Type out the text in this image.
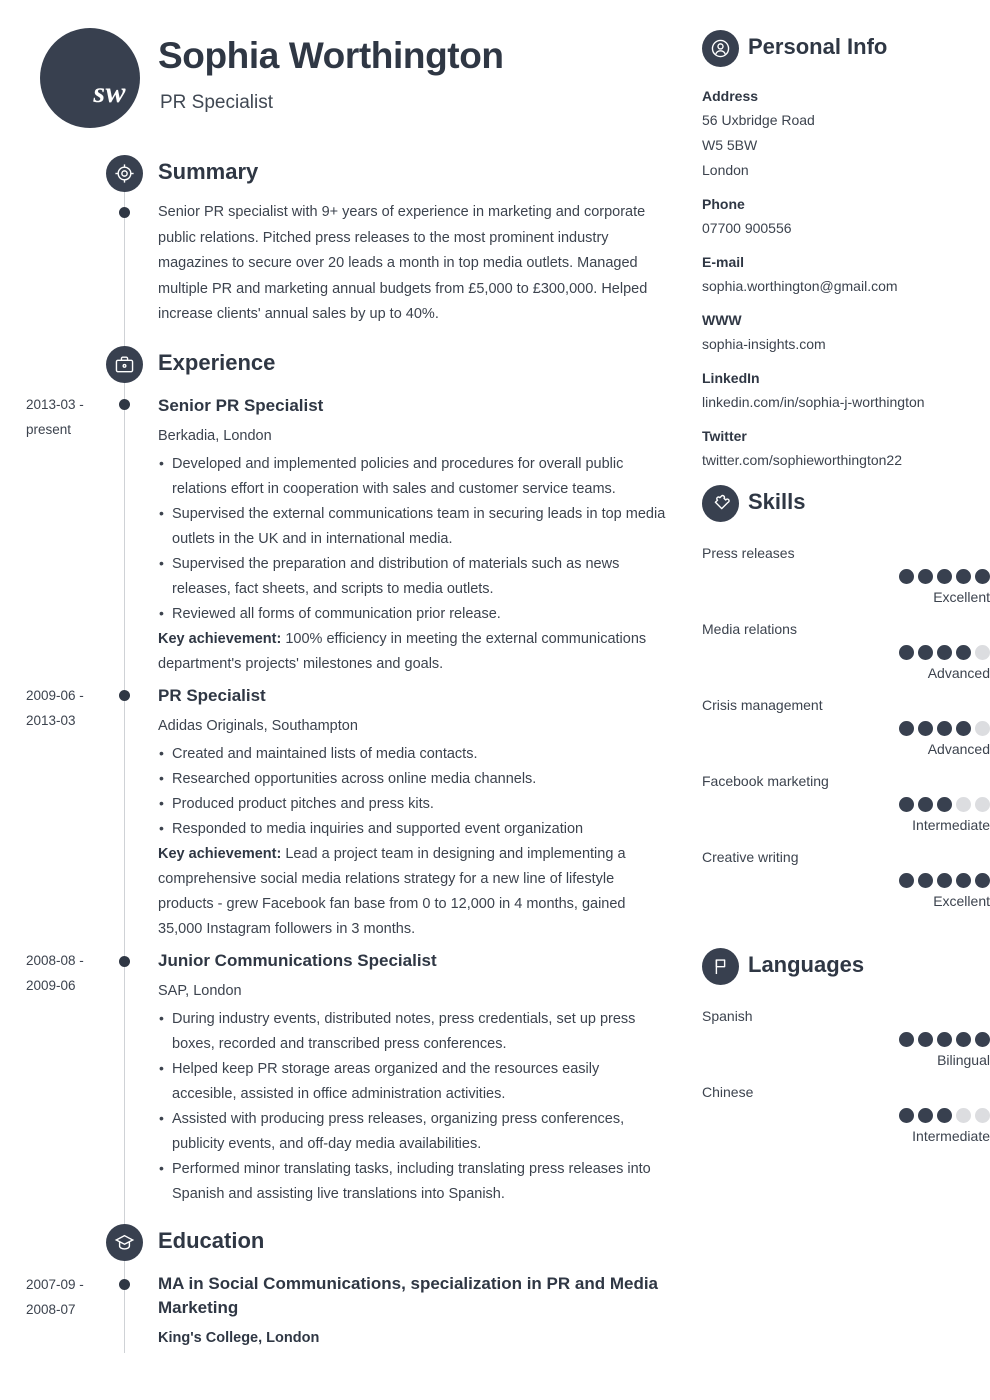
sw
Sophia Worthington
PR Specialist
Summary
Senior PR specialist with 9+ years of experience in marketing and corporate public relations. Pitched press releases to the most prominent industry magazines to secure over 20 leads a month in top media outlets. Managed multiple PR and marketing annual budgets from £5,000 to £300,000. Helped increase clients' annual sales by up to 40%.
Experience
2013-03 - present
Senior PR Specialist
Berkadia, London
• Developed and implemented policies and procedures for overall public relations effort in cooperation with sales and customer service teams.
• Supervised the external communications team in securing leads in top media outlets in the UK and in international media.
• Supervised the preparation and distribution of materials such as news releases, fact sheets, and scripts to media outlets.
• Reviewed all forms of communication prior release.
Key achievement: 100% efficiency in meeting the external communications department's projects' milestones and goals.
2009-06 - 2013-03
PR Specialist
Adidas Originals, Southampton
• Created and maintained lists of media contacts.
• Researched opportunities across online media channels.
• Produced product pitches and press kits.
• Responded to media inquiries and supported event organization
Key achievement: Lead a project team in designing and implementing a comprehensive social media relations strategy for a new line of lifestyle products - grew Facebook fan base from 0 to 12,000 in 4 months, gained 35,000 Instagram followers in 3 months.
2008-08 - 2009-06
Junior Communications Specialist
SAP, London
• During industry events, distributed notes, press credentials, set up press boxes, recorded and transcribed press conferences.
• Helped keep PR storage areas organized and the resources easily accesible, assisted in office administration activities.
• Assisted with producing press releases, organizing press conferences, publicity events, and off-day media availabilities.
• Performed minor translating tasks, including translating press releases into Spanish and assisting live translations into Spanish.
Education
2007-09 - 2008-07
MA in Social Communications, specialization in PR and Media Marketing
King's College, London
Personal Info
Address
56 Uxbridge Road
W5 5BW
London
Phone
07700 900556
E-mail
sophia.worthington@gmail.com
WWW
sophia-insights.com
LinkedIn
linkedin.com/in/sophia-j-worthington
Twitter
twitter.com/sophieworthington22
Skills
Press releases
Excellent
Media relations
Advanced
Crisis management
Advanced
Facebook marketing
Intermediate
Creative writing
Excellent
Languages
Spanish
Bilingual
Chinese
Intermediate
